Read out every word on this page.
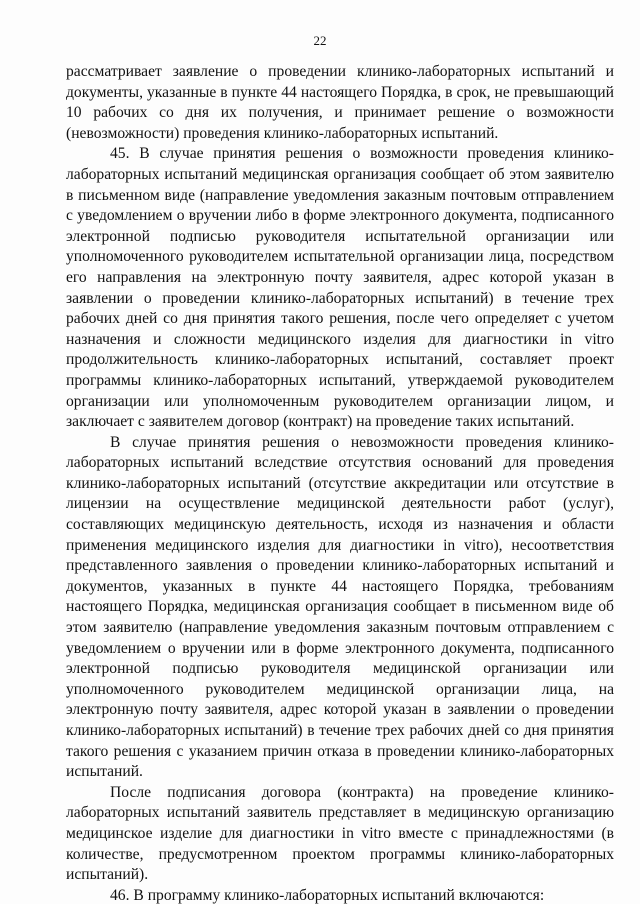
22

рассматривает заявление о проведении клинико-лабораторных испытаний и документы, указанные в пункте 44 настоящего Порядка, в срок, не превышающий 10 рабочих со дня их получения, и принимает решение о возможности (невозможности) проведения клинико-лабораторных испытаний.

45. В случае принятия решения о возможности проведения клинико-лабораторных испытаний медицинская организация сообщает об этом заявителю в письменном виде (направление уведомления заказным почтовым отправлением с уведомлением о вручении либо в форме электронного документа, подписанного электронной подписью руководителя испытательной организации или уполномоченного руководителем испытательной организации лица, посредством его направления на электронную почту заявителя, адрес которой указан в заявлении о проведении клинико-лабораторных испытаний) в течение трех рабочих дней со дня принятия такого решения, после чего определяет с учетом назначения и сложности медицинского изделия для диагностики in vitro продолжительность клинико-лабораторных испытаний, составляет проект программы клинико-лабораторных испытаний, утверждаемой руководителем организации или уполномоченным руководителем организации лицом, и заключает с заявителем договор (контракт) на проведение таких испытаний.

В случае принятия решения о невозможности проведения клинико-лабораторных испытаний вследствие отсутствия оснований для проведения клинико-лабораторных испытаний (отсутствие аккредитации или отсутствие в лицензии на осуществление медицинской деятельности работ (услуг), составляющих медицинскую деятельность, исходя из назначения и области применения медицинского изделия для диагностики in vitro), несоответствия представленного заявления о проведении клинико-лабораторных испытаний и документов, указанных в пункте 44 настоящего Порядка, требованиям настоящего Порядка, медицинская организация сообщает в письменном виде об этом заявителю (направление уведомления заказным почтовым отправлением с уведомлением о вручении или в форме электронного документа, подписанного электронной подписью руководителя медицинской организации или уполномоченного руководителем медицинской организации лица, на электронную почту заявителя, адрес которой указан в заявлении о проведении клинико-лабораторных испытаний) в течение трех рабочих дней со дня принятия такого решения с указанием причин отказа в проведении клинико-лабораторных испытаний.

После подписания договора (контракта) на проведение клинико-лабораторных испытаний заявитель представляет в медицинскую организацию медицинское изделие для диагностики in vitro вместе с принадлежностями (в количестве, предусмотренном проектом программы клинико-лабораторных испытаний).

46. В программу клинико-лабораторных испытаний включаются:
